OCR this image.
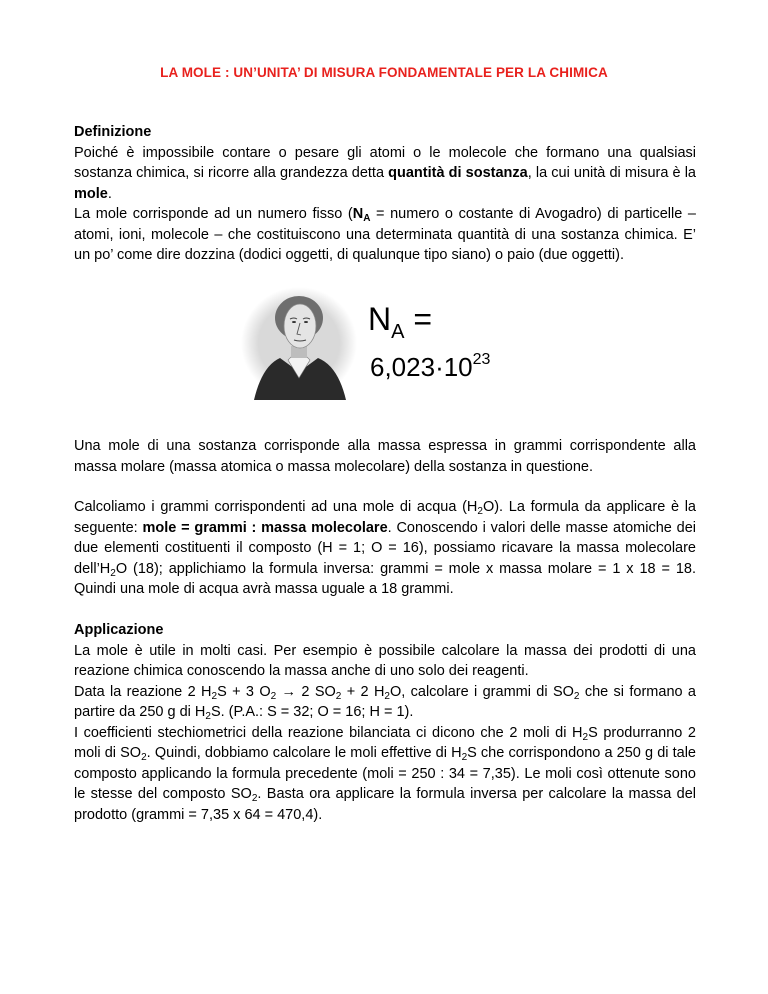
LA MOLE : UN’UNITA’ DI MISURA FONDAMENTALE PER LA CHIMICA
Definizione
Poiché è impossibile contare o pesare gli atomi o le molecole che formano una qualsiasi sostanza chimica, si ricorre alla grandezza detta quantità di sostanza, la cui unità di misura è la mole.
La mole corrisponde ad un numero fisso ($N_A$ = numero o costante di Avogadro) di particelle – atomi, ioni, molecole – che costituiscono una determinata quantità di una sostanza chimica. E’ un po’ come dire dozzina (dodici oggetti, di qualunque tipo siano) o paio (due oggetti).
$N_A$ =
$6,023\cdot 10^{23}$
Una mole di una sostanza corrisponde alla massa espressa in grammi corrispondente alla massa molare (massa atomica o massa molecolare) della sostanza in questione.
Calcoliamo i grammi corrispondenti ad una mole di acqua $(H_2O)$. La formula da applicare è la seguente: mole = grammi : massa molecolare. Conoscendo i valori delle masse atomiche dei due elementi costituenti il composto (H = 1; O = 16), possiamo ricavare la massa molecolare $dell’H_2O$ (18); applichiamo la formula inversa: grammi = mole x massa molare = 1 x 18 = 18. Quindi una mole di acqua avrà massa uguale a 18 grammi.
Applicazione
La mole è utile in molti casi. Per esempio è possibile calcolare la massa dei prodotti di una reazione chimica conoscendo la massa anche di uno solo dei reagenti.
Data la reazione 2 $H_2S + 3$ $O_2 \to 2$ $SO_2 + 2$ $H_2O$, calcolare i grammi di $SO_2$ che si formano a partire da 250 g di $H_2S$. (P.A.: S = 32; O = 16; H = 1).
I coefficienti stechiometrici della reazione bilanciata ci dicono che 2 moli di $H_2S$ produrranno 2 moli di $SO_2$. Quindi, dobbiamo calcolare le moli effettive di $H_2S$ che corrispondono a 250 g di tale composto applicando la formula precedente (moli = 250 : 34 = 7,35). Le moli così ottenute sono le stesse del composto $SO_2$. Basta ora applicare la formula inversa per calcolare la massa del prodotto (grammi = 7,35 x 64 = 470,4).
